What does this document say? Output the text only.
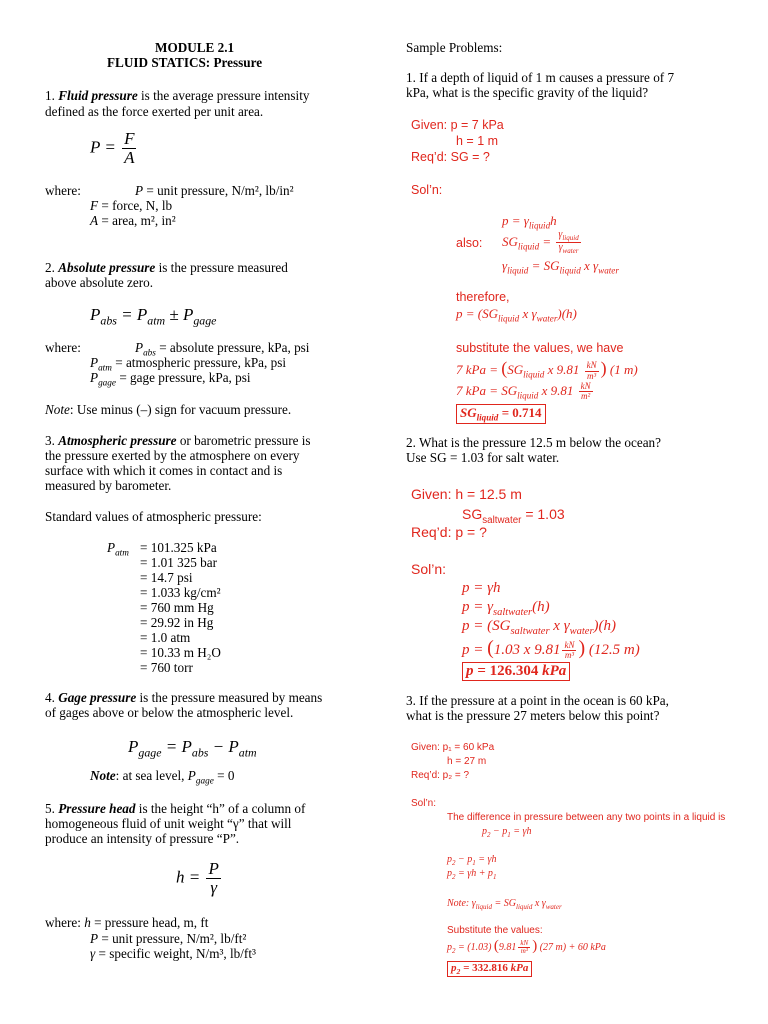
MODULE 2.1
FLUID STATICS: Pressure
1. Fluid pressure is the average pressure intensity
defined as the force exerted per unit area.
$P = \frac{F}{A}$
where:	P = unit pressure, N/m², lb/in²
F = force, N, lb
A = area, m², in²
2. Absolute pressure is the pressure measured
above absolute zero.
$P_{abs} = P_{atm} \pm P_{gage}$
where:	$P_{abs}$ = absolute pressure, kPa, psi
$P_{atm}$ = atmospheric pressure, kPa, psi
$P_{gage}$ = gage pressure, kPa, psi
Note: Use minus (–) sign for vacuum pressure.
3. Atmospheric pressure or barometric pressure is
the pressure exerted by the atmosphere on every
surface with which it comes in contact and is
measured by barometer.
Standard values of atmospheric pressure:
$P_{atm} = 101.325$ kPa
= 1.01 325 bar
= 14.7 psi
= 1.033 kg/cm²
= 760 mm Hg
= 29.92 in Hg
= 1.0 atm
= 10.33 m H₂O
= 760 torr
4. Gage pressure is the pressure measured by means
of gages above or below the atmospheric level.
$P_{gage} = P_{abs} - P_{atm}$
Note: at sea level, $P_{gage} = 0$
5. Pressure head is the height “h” of a column of
homogeneous fluid of unit weight “γ” that will
produce an intensity of pressure “P”.
$h = \frac{P}{\gamma}$
where: h = pressure head, m, ft
P = unit pressure, N/m², lb/ft²
γ = specific weight, N/m³, lb/ft³
Sample Problems:
1. If a depth of liquid of 1 m causes a pressure of 7
kPa, what is the specific gravity of the liquid?
Given: p = 7 kPa
h = 1 m
Req’d: SG = ?
Sol’n:
$p = \gamma_{liquid}h$
also: $SG_{liquid} = \frac{\gamma_{liquid}}{\gamma_{water}}$
$\gamma_{liquid} = SG_{liquid}$ x $\gamma_{water}$
therefore,
$p = (SG_{liquid}$ x $\gamma_{water})(h)$
substitute the values, we have
7 kPa = ($SG_{liquid}$ x $9.81 \frac{kN}{\text{m³}}$ ) (1 m)
7 kPa = $SG_{liquid}$ x $9.81 \frac{kN}{\text{m²}}$
$SG_{liquid} = 0.714$
2. What is the pressure 12.5 m below the ocean?
Use SG = 1.03 for salt water.
Given: h = 12.5 m
$SG_{saltwater} = 1.03$
Req’d: p = ?
Sol’n:
p = γh
$p = \gamma_{saltwater}(h)$
$p = (SG_{saltwater}$ x $\gamma_{water})(h)$
p = (1.03 x $9.81 \frac{kN}{\text{m³}}$ ) (12.5 m)
p = 126.304 kPa
3. If the pressure at a point in the ocean is 60 kPa,
what is the pressure 27 meters below this point?
Given: p₁ = 60 kPa
h = 27 m
Req’d: p₂ = ?
Sol’n:
The difference in pressure between any two points in a liquid is
$p_2 - p_1 = \gamma h$
$p_2 - p_1 = \gamma h$
$p_2 = \gamma h + p_1$
Note: $\gamma_{liquid} = SG_{liquid}$ x $\gamma_{water}$
Substitute the values:
$p_2 = (1.03)$ ($9.81 \frac{kN}{\text{m³}}$ ) (27 m) + 60 kPa
$p_2 = 332.816$ kPa
